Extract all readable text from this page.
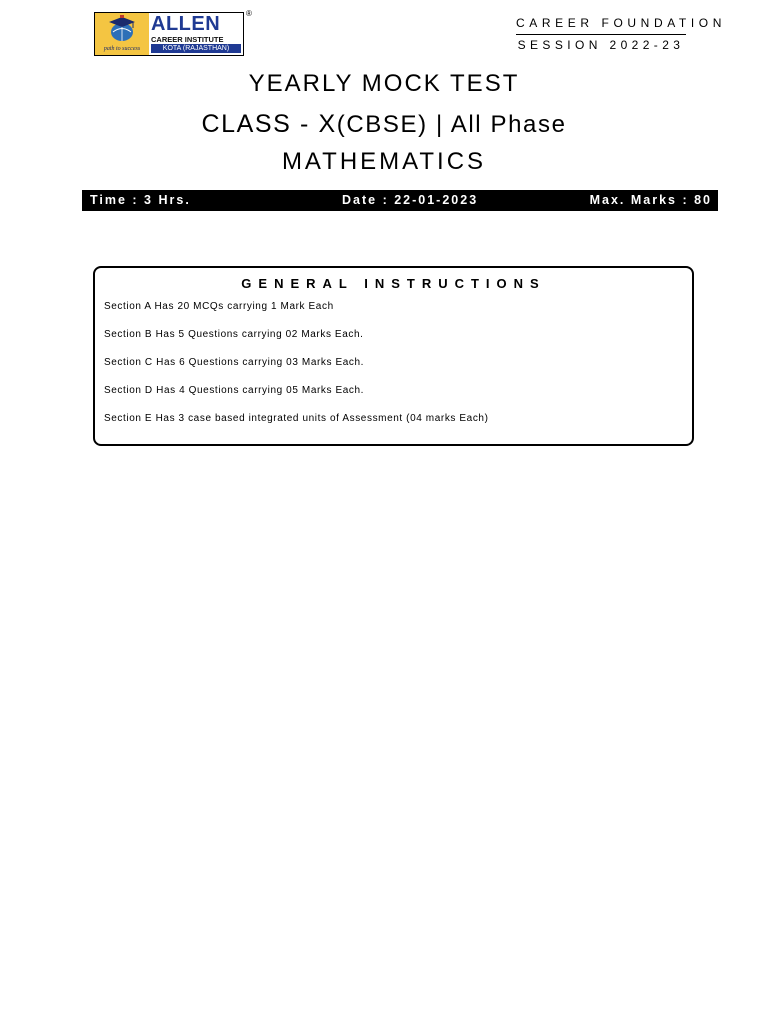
path to success
ALLEN
CAREER INSTITUTE
KOTA (RAJASTHAN)
®
CAREER FOUNDATION
SESSION 2022-23
YEARLY MOCK TEST
CLASS - X(CBSE) | All Phase
MATHEMATICS
Time : 3 Hrs.	Date : 22-01-2023	Max. Marks : 80
GENERAL INSTRUCTIONS
Section A Has 20 MCQs carrying 1 Mark Each
Section B Has 5 Questions carrying 02 Marks Each.
Section C Has 6 Questions carrying 03 Marks Each.
Section D Has 4 Questions carrying 05 Marks Each.
Section E Has 3 case based integrated units of Assessment (04 marks Each)
